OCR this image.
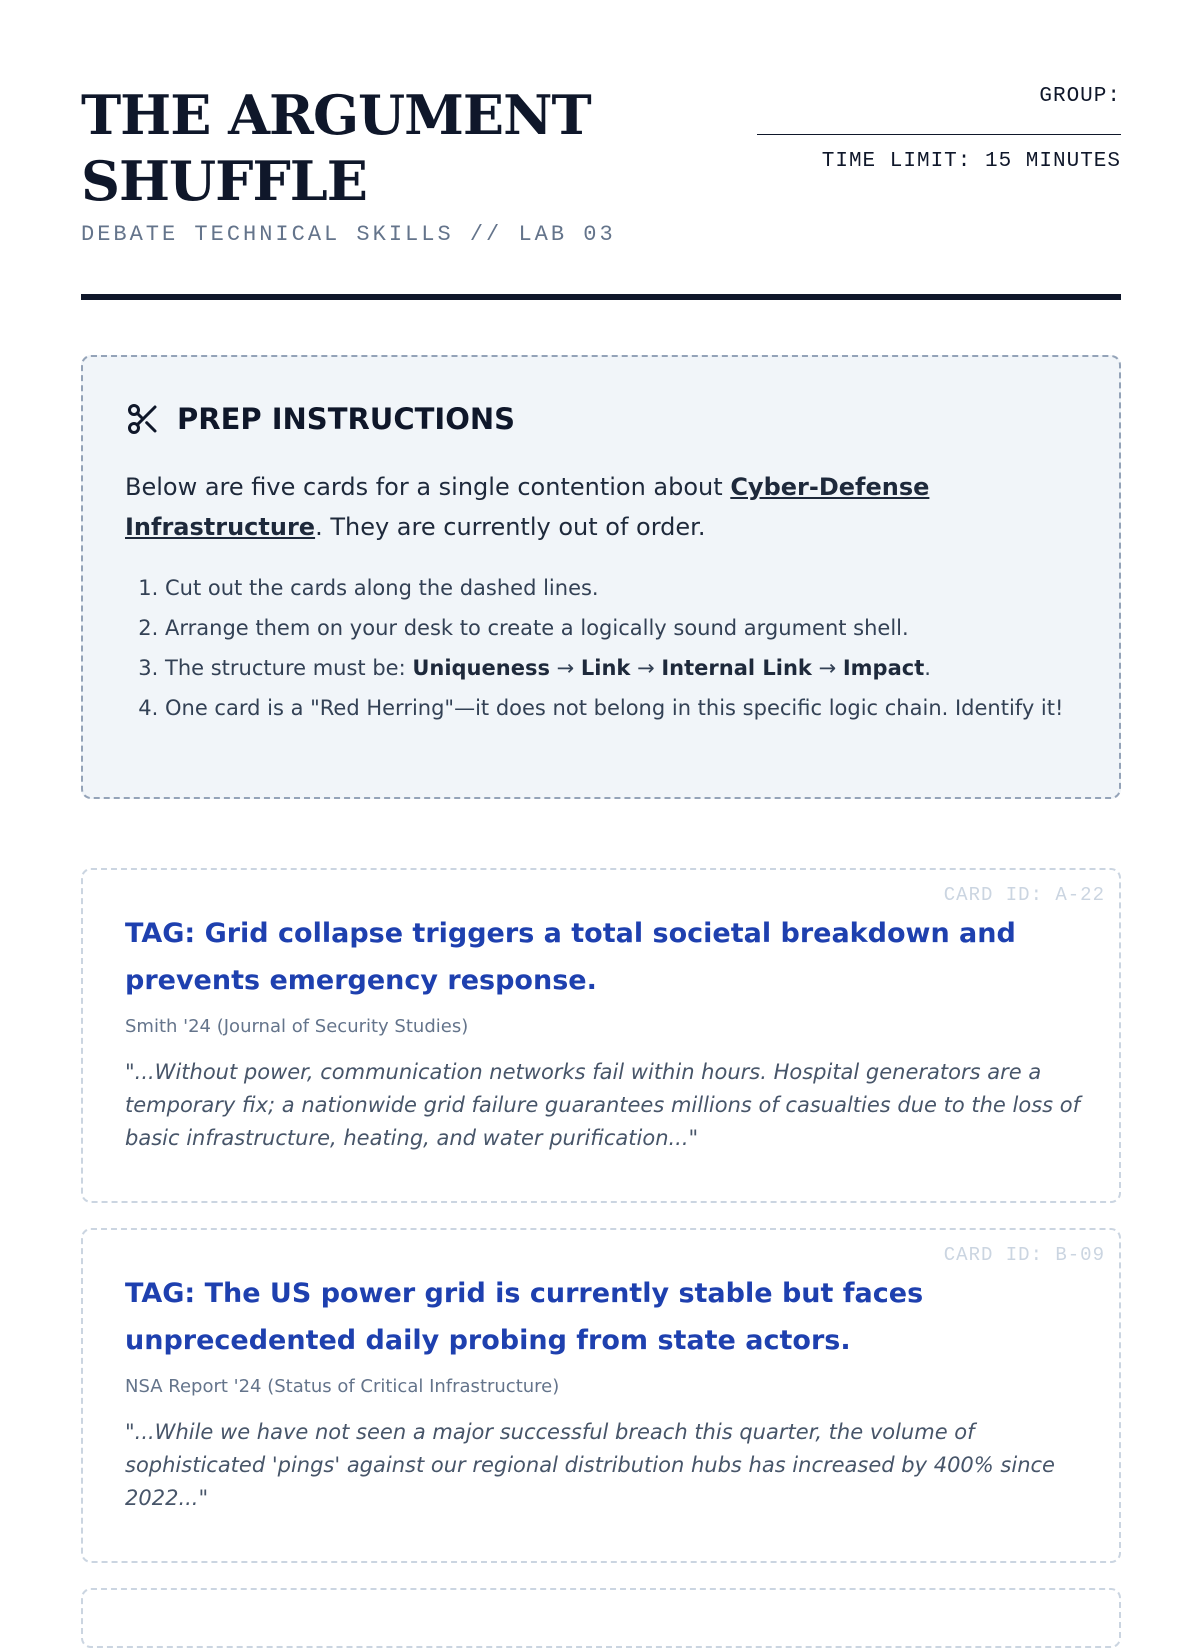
THE ARGUMENT SHUFFLE
DEBATE TECHNICAL SKILLS // LAB 03
GROUP:
TIME LIMIT: 15 MINUTES
PREP INSTRUCTIONS

Below are five cards for a single contention about Cyber-Defense Infrastructure. They are currently out of order.

1. Cut out the cards along the dashed lines.
2. Arrange them on your desk to create a logically sound argument shell.
3. The structure must be: Uniqueness → Link → Internal Link → Impact.
4. One card is a "Red Herring"—it does not belong in this specific logic chain. Identify it!
CARD ID: A-22

TAG: Grid collapse triggers a total societal breakdown and prevents emergency response.

Smith '24 (Journal of Security Studies)

"...Without power, communication networks fail within hours. Hospital generators are a temporary fix; a nationwide grid failure guarantees millions of casualties due to the loss of basic infrastructure, heating, and water purification..."

CARD ID: B-09

TAG: The US power grid is currently stable but faces unprecedented daily probing from state actors.

NSA Report '24 (Status of Critical Infrastructure)

"...While we have not seen a major successful breach this quarter, the volume of sophisticated 'pings' against our regional distribution hubs has increased by 400% since 2022..."
